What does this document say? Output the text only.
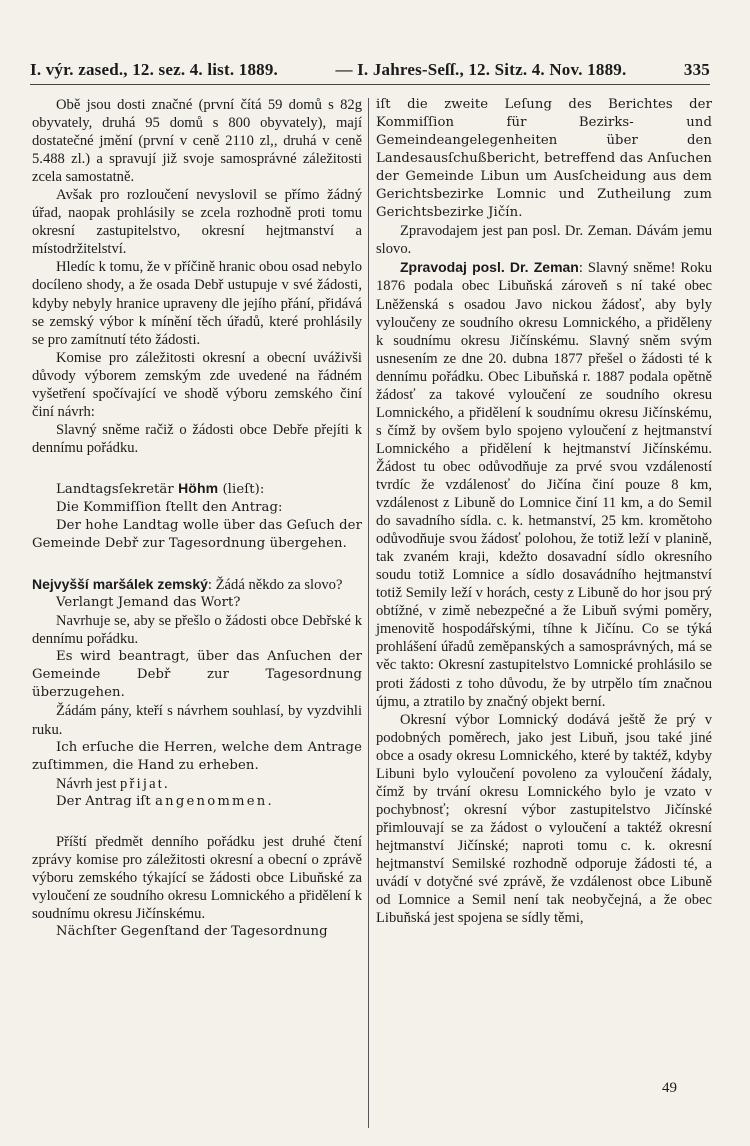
I. výr. zased., 12. sez. 4. list. 1889.	— I. Jahres-Seſſ., 12. Sitz. 4. Nov. 1889.	335

Obě jsou dosti značné (první čítá 59 domů s 82g obyvately, druhá 95 domů s 800 obyvately), mají dostatečné jmění (první v ceně 2110 zl,, druhá v ceně 5.488 zl.) a spravují již svoje samosprávné záležitosti zcela samostatně.

Avšak pro rozloučení nevyslovil se přímo žádný úřad, naopak prohlásily se zcela rozhodně proti tomu okresní zastupitelstvo, okresní hejtmanství a místodržitelství.

Hledíc k tomu, že v příčině hranic obou osad nebylo docíleno shody, a že osada Debř ustupuje v své žádosti, kdyby nebyly hranice upraveny dle jejího přání, přidává se zemský výbor k mínění těch úřadů, které prohlásily se pro zamítnutí této žádosti.

Komise pro záležitosti okresní a obecní uváživši důvody výborem zemským zde uvedené na řádném vyšetření spočívající ve shodě výboru zemského činí činí návrh:

Slavný sněme račiž o žádosti obce Debře přejíti k dennímu pořádku.

Landtagsſekretär Höhm (lieſt):

Die Kommiſſion ſtellt den Antrag:

Der hohe Landtag wolle über das Geſuch der Gemeinde Debř zur Tagesordnung übergehen.

Nejvyšší maršálek zemský: Žádá někdo za slovo?

Verlangt Jemand das Wort?

Navrhuje se, aby se přešlo o žádosti obce Debřské k dennímu pořádku.

Es wird beantragt, über das Anſuchen der Gemeinde Debř zur Tagesordnung überzugehen.

Žádám pány, kteří s návrhem souhlasí, by vyzdvihli ruku.

Ich erſuche die Herren, welche dem Antrage zuſtimmen, die Hand zu erheben.

Návrh jest přijat.

Der Antrag iſt angenommen.

Příští předmět denního pořádku jest druhé čtení zprávy komise pro záležitosti okresní a obecní o zprávě výboru zemského týkající se žádosti obce Libuňské za vyloučení ze soudního okresu Lomnického a přidělení k soudnímu okresu Jičínskému.

Nächſter Gegenſtand der Tagesordnung

iſt die zweite Leſung des Berichtes der Kommiſſion für Bezirks- und Gemeindeangelegenheiten über den Landesausſchußbericht, betreffend das Anſuchen der Gemeinde Libun um Ausſcheidung aus dem Gerichtsbezirke Lomnic und Zutheilung zum Gerichtsbezirke Jičín.

Zpravodajem jest pan posl. Dr. Zeman. Dávám jemu slovo.

Zpravodaj posl. Dr. Zeman: Slavný sněme! Roku 1876 podala obec Libuňská zároveň s ní také obec Lněženská s osadou Javo nickou žádosť, aby byly vyloučeny ze soudního okresu Lomnického, a přiděleny k soudnímu okresu Jičínskému. Slavný sněm svým usnesením ze dne 20. dubna 1877 přešel o žádosti té k dennímu pořádku. Obec Libuňská r. 1887 podala opětně žádosť za takové vyloučení ze soudního okresu Lomnického, a přidělení k soudnímu okresu Jičínskému, s čímž by ovšem bylo spojeno vyloučení z hejtmanství Lomnického a přidělení k hejtmanství Jičínskému. Žádost tu obec odůvodňuje za prvé svou vzdáleností tvrdíc že vzdálenosť do Jičína činí pouze 8 km, vzdálenost z Libuně do Lomnice činí 11 km, a do Semil do savadního sídla. c. k. hetmanství, 25 km. kromětoho odůvodňuje svou žádosť polohou, že totiž leží v planině, tak zvaném kraji, kdežto dosavadní sídlo okresního soudu totiž Lomnice a sídlo dosavádního hejtmanství totiž Semily leží v horách, cesty z Libuně do hor jsou prý obtížné, v zimě nebezpečné a že Libuň svými poměry, jmenovitě hospodářskými, tíhne k Jičínu. Co se týká prohlášení úřadů zeměpanských a samosprávných, má se věc takto: Okresní zastupitelstvo Lomnické prohlásilo se proti žádosti z toho důvodu, že by utrpělo tím značnou újmu, a ztratilo by značný objekt berní.

Okresní výbor Lomnický dodává ještě že prý v podobných poměrech, jako jest Libuň, jsou také jiné obce a osady okresu Lomnického, které by taktéž, kdyby Libuni bylo vyloučení povoleno za vyloučení žádaly, čímž by trvání okresu Lomnického bylo je vzato v pochybnosť; okresní výbor zastupitelstvo Jičínské přimlouvají se za žádost o vyloučení a taktéž okresní hejtmanství Jičínské; naproti tomu c. k. okresní hejtmanství Semilské rozhodně odporuje žádosti té, a uvádí v dotyčné své zprávě, že vzdálenost obce Libuně od Lomnice a Semil není tak neobyčejná, a že obec Libuňská jest spojena se sídly těmi,

49
